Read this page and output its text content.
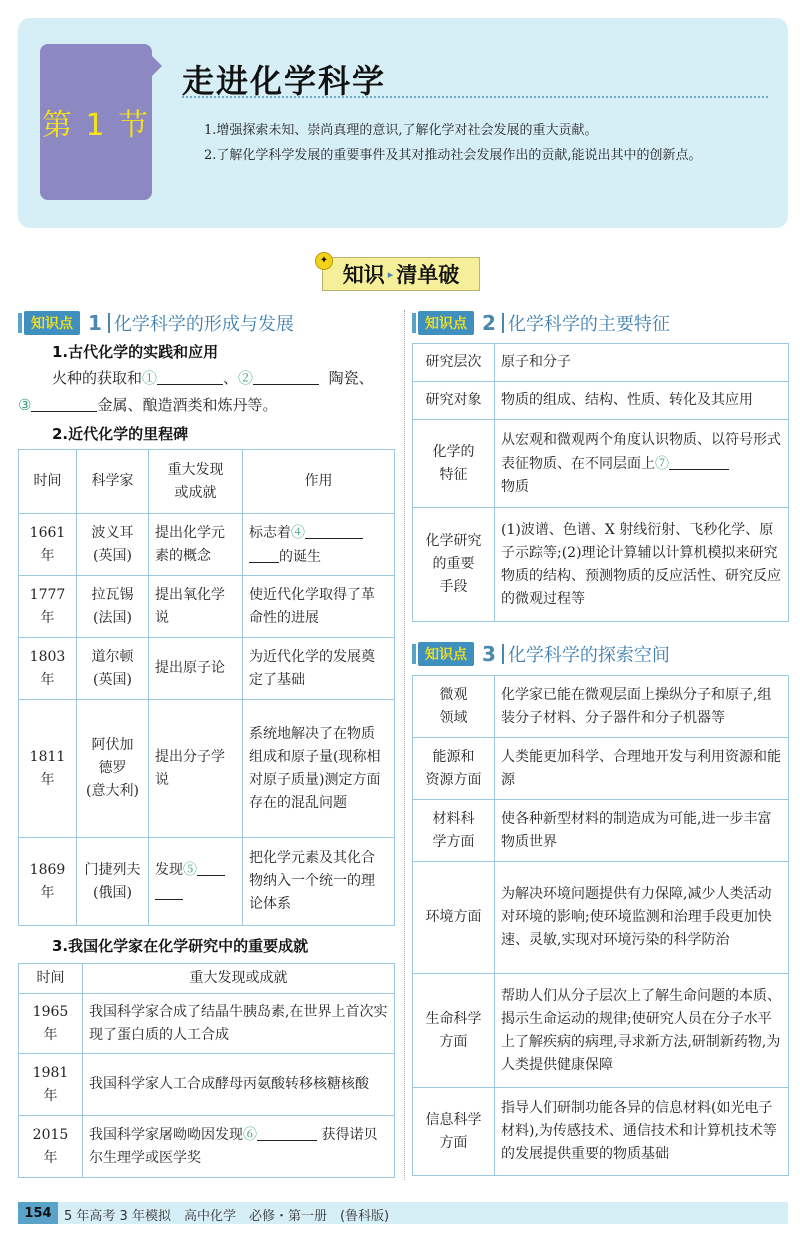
第 1 节
走进化学科学
1.增强探索未知、崇尚真理的意识,了解化学对社会发展的重大贡献。
2.了解化学科学发展的重要事件及其对推动社会发展作出的贡献,能说出其中的创新点。
✦
知识 ▸ 清单破
知识点 1 化学科学的形成与发展
1.古代化学的实践和应用
火种的获取和①	、②	陶瓷、
③	金属、酿造酒类和炼丹等。
2.近代化学的里程碑
时间	科学家	重大发现
或成就	作用
1661 年	波义耳
(英国)	提出化学元素的概念	标志着④
的诞生
1777 年	拉瓦锡
(法国)	提出氧化学说	使近代化学取得了革命性的进展
1803 年	道尔顿
(英国)	提出原子论	为近代化学的发展奠定了基础
1811 年	阿伏加
德罗
(意大利)	提出分子学说	系统地解决了在物质组成和原子量(现称相对原子质量)测定方面存在的混乱问题
1869 年	门捷列夫
(俄国)	发现⑤	把化学元素及其化合物纳入一个统一的理论体系
3.我国化学家在化学研究中的重要成就
时间	重大发现或成就
1965 年	我国科学家合成了结晶牛胰岛素,在世界上首次实现了蛋白质的人工合成
1981 年	我国科学家人工合成酵母丙氨酸转移核糖核酸
2015 年	我国科学家屠呦呦因发现⑥ 获得诺贝尔生理学或医学奖
知识点 2 化学科学的主要特征
研究层次	原子和分子
研究对象	物质的组成、结构、性质、转化及其应用
化学的
特征	从宏观和微观两个角度认识物质、以符号形式表征物质、在不同层面上⑦
物质
化学研究
的重要
手段	(1)波谱、色谱、X 射线衍射、飞秒化学、原子示踪等;(2)理论计算辅以计算机模拟来研究物质的结构、预测物质的反应活性、研究反应的微观过程等
知识点 3 化学科学的探索空间
微观
领域	化学家已能在微观层面上操纵分子和原子,组装分子材料、分子器件和分子机器等
能源和
资源方面	人类能更加科学、合理地开发与利用资源和能源
材料科
学方面	使各种新型材料的制造成为可能,进一步丰富物质世界
环境方面	为解决环境问题提供有力保障,减少人类活动对环境的影响;使环境监测和治理手段更加快速、灵敏,实现对环境污染的科学防治
生命科学
方面	帮助人们从分子层次上了解生命问题的本质、揭示生命运动的规律;使研究人员在分子水平上了解疾病的病理,寻求新方法,研制新药物,为人类提供健康保障
信息科学
方面	指导人们研制功能各异的信息材料(如光电子材料),为传感技术、通信技术和计算机技术等的发展提供重要的物质基础
154 5 年高考 3 年模拟　高中化学　必修・第一册　(鲁科版)
